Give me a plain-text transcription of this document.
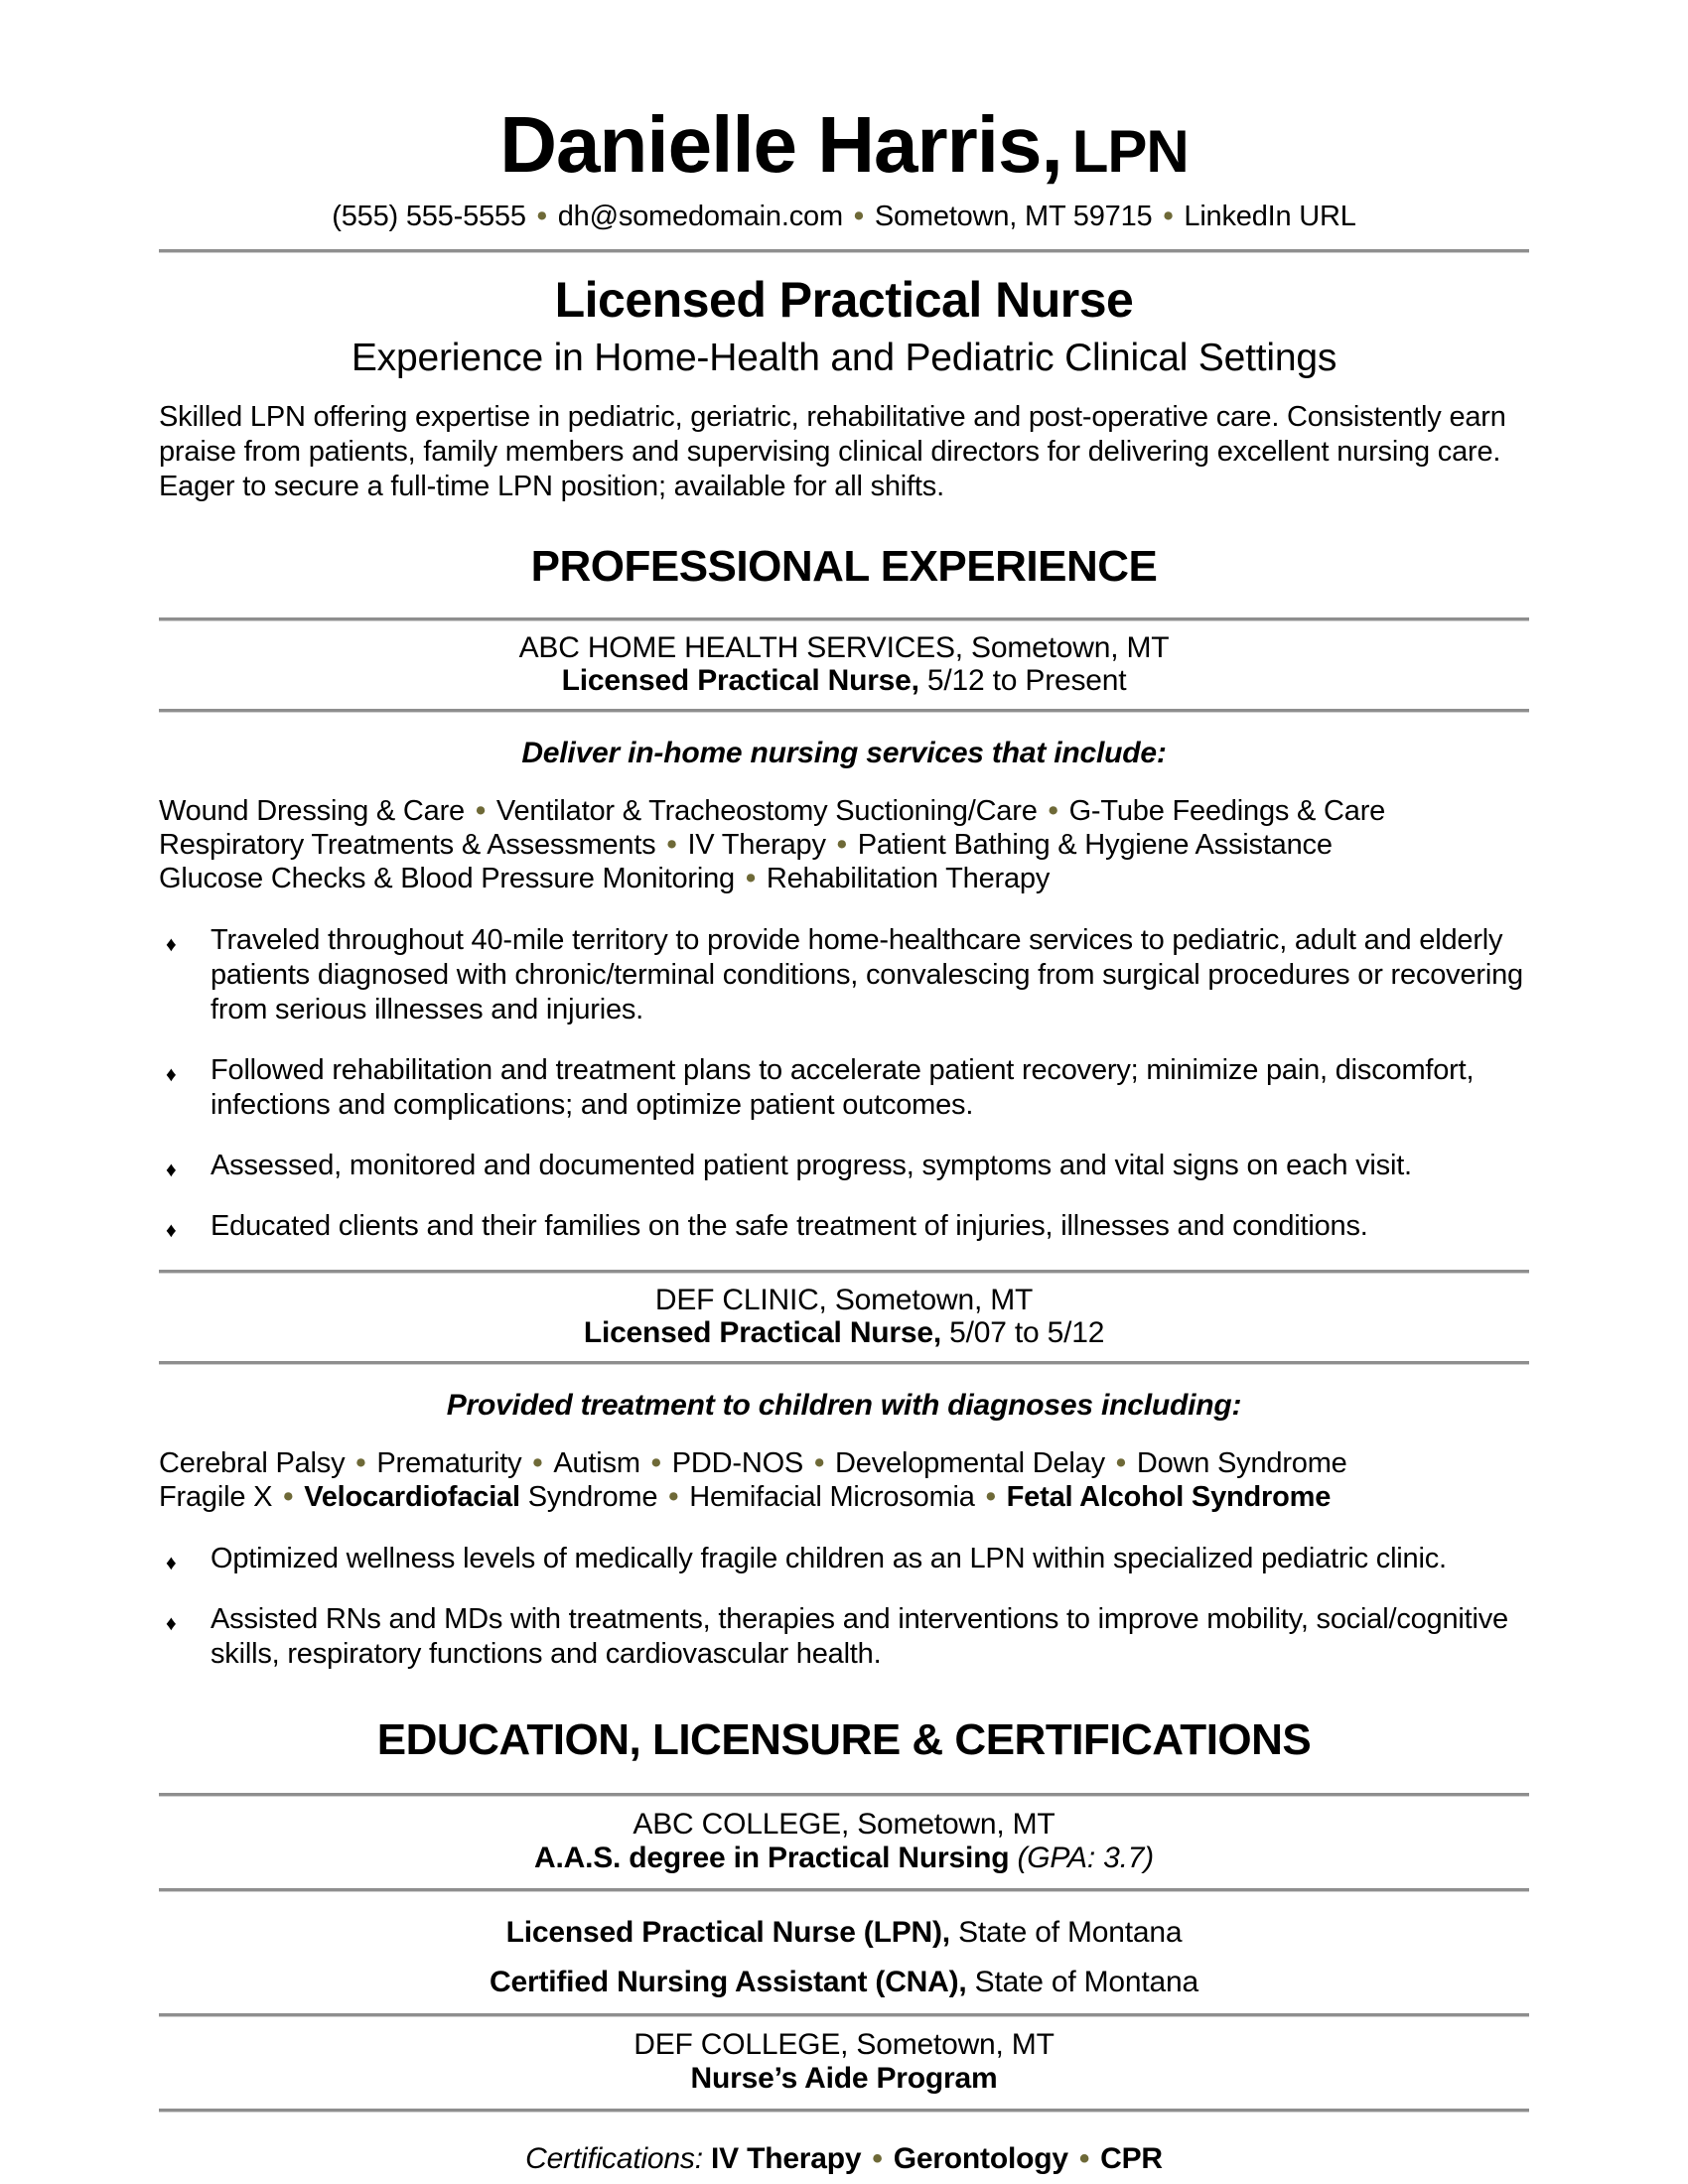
Danielle Harris, LPN
(555) 555-5555 • dh@somedomain.com • Sometown, MT 59715 • LinkedIn URL
Licensed Practical Nurse
Experience in Home-Health and Pediatric Clinical Settings

Skilled LPN offering expertise in pediatric, geriatric, rehabilitative and post-operative care. Consistently earn praise from patients, family members and supervising clinical directors for delivering excellent nursing care. Eager to secure a full-time LPN position; available for all shifts.

PROFESSIONAL EXPERIENCE
ABC HOME HEALTH SERVICES, Sometown, MT
Licensed Practical Nurse, 5/12 to Present
Deliver in-home nursing services that include:
Wound Dressing & Care • Ventilator & Tracheostomy Suctioning/Care • G-Tube Feedings & Care
Respiratory Treatments & Assessments • IV Therapy • Patient Bathing & Hygiene Assistance
Glucose Checks & Blood Pressure Monitoring • Rehabilitation Therapy
♦ Traveled throughout 40-mile territory to provide home-healthcare services to pediatric, adult and elderly patients diagnosed with chronic/terminal conditions, convalescing from surgical procedures or recovering from serious illnesses and injuries.
♦ Followed rehabilitation and treatment plans to accelerate patient recovery; minimize pain, discomfort, infections and complications; and optimize patient outcomes.
♦ Assessed, monitored and documented patient progress, symptoms and vital signs on each visit.
♦ Educated clients and their families on the safe treatment of injuries, illnesses and conditions.
DEF CLINIC, Sometown, MT
Licensed Practical Nurse, 5/07 to 5/12
Provided treatment to children with diagnoses including:
Cerebral Palsy • Prematurity • Autism • PDD-NOS • Developmental Delay • Down Syndrome
Fragile X • Velocardiofacial Syndrome • Hemifacial Microsomia • Fetal Alcohol Syndrome
♦ Optimized wellness levels of medically fragile children as an LPN within specialized pediatric clinic.
♦ Assisted RNs and MDs with treatments, therapies and interventions to improve mobility, social/cognitive skills, respiratory functions and cardiovascular health.
EDUCATION, LICENSURE & CERTIFICATIONS
ABC COLLEGE, Sometown, MT
A.A.S. degree in Practical Nursing (GPA: 3.7)
Licensed Practical Nurse (LPN), State of Montana
Certified Nursing Assistant (CNA), State of Montana
DEF COLLEGE, Sometown, MT
Nurse’s Aide Program
Certifications: IV Therapy • Gerontology • CPR
